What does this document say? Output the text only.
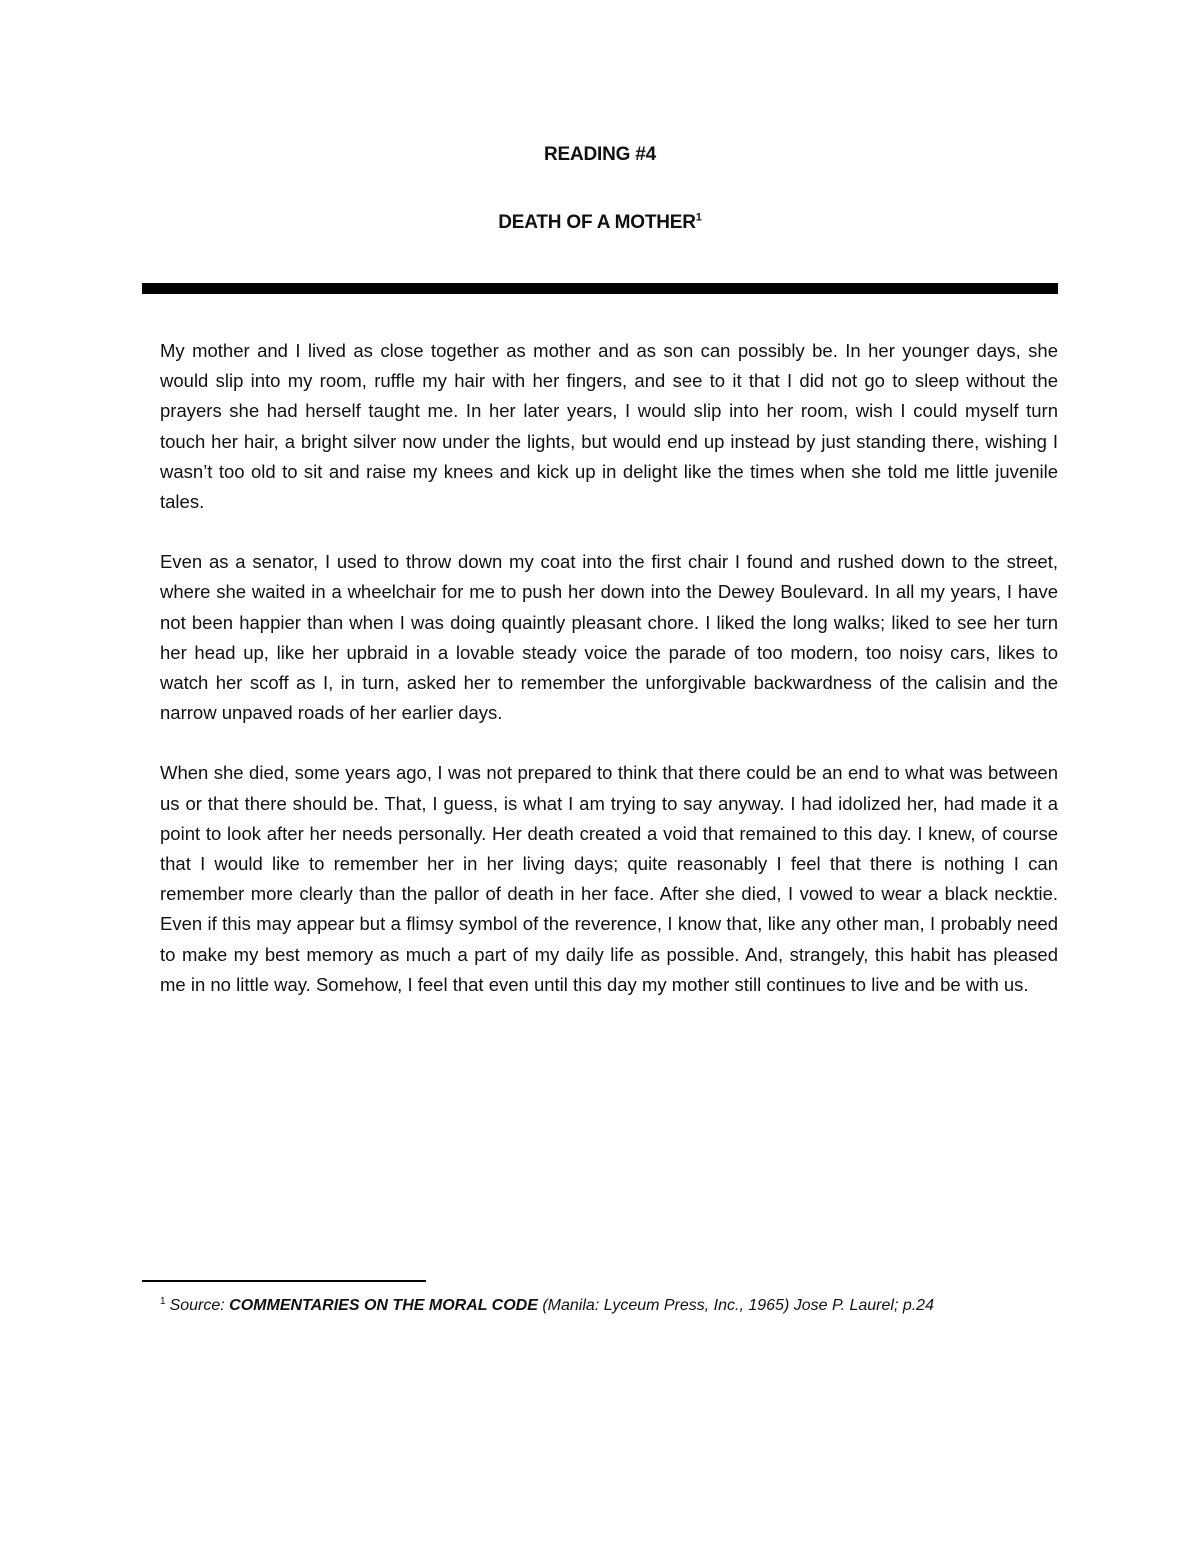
READING #4
DEATH OF A MOTHER$^1$

My mother and I lived as close together as mother and as son can possibly be. In her younger days, she would slip into my room, ruffle my hair with her fingers, and see to it that I did not go to sleep without the prayers she had herself taught me. In her later years, I would slip into her room, wish I could myself turn touch her hair, a bright silver now under the lights, but would end up instead by just standing there, wishing I wasn’t too old to sit and raise my knees and kick up in delight like the times when she told me little juvenile tales.

Even as a senator, I used to throw down my coat into the first chair I found and rushed down to the street, where she waited in a wheelchair for me to push her down into the Dewey Boulevard. In all my years, I have not been happier than when I was doing quaintly pleasant chore. I liked the long walks; liked to see her turn her head up, like her upbraid in a lovable steady voice the parade of too modern, too noisy cars, likes to watch her scoff as I, in turn, asked her to remember the unforgivable backwardness of the calisin and the narrow unpaved roads of her earlier days.

When she died, some years ago, I was not prepared to think that there could be an end to what was between us or that there should be. That, I guess, is what I am trying to say anyway. I had idolized her, had made it a point to look after her needs personally. Her death created a void that remained to this day. I knew, of course that I would like to remember her in her living days; quite reasonably I feel that there is nothing I can remember more clearly than the pallor of death in her face. After she died, I vowed to wear a black necktie. Even if this may appear but a flimsy symbol of the reverence, I know that, like any other man, I probably need to make my best memory as much a part of my daily life as possible. And, strangely, this habit has pleased me in no little way. Somehow, I feel that even until this day my mother still continues to live and be with us.

$^1$ Source: COMMENTARIES ON THE MORAL CODE (Manila: Lyceum Press, Inc., 1965) Jose P. Laurel; p.24
